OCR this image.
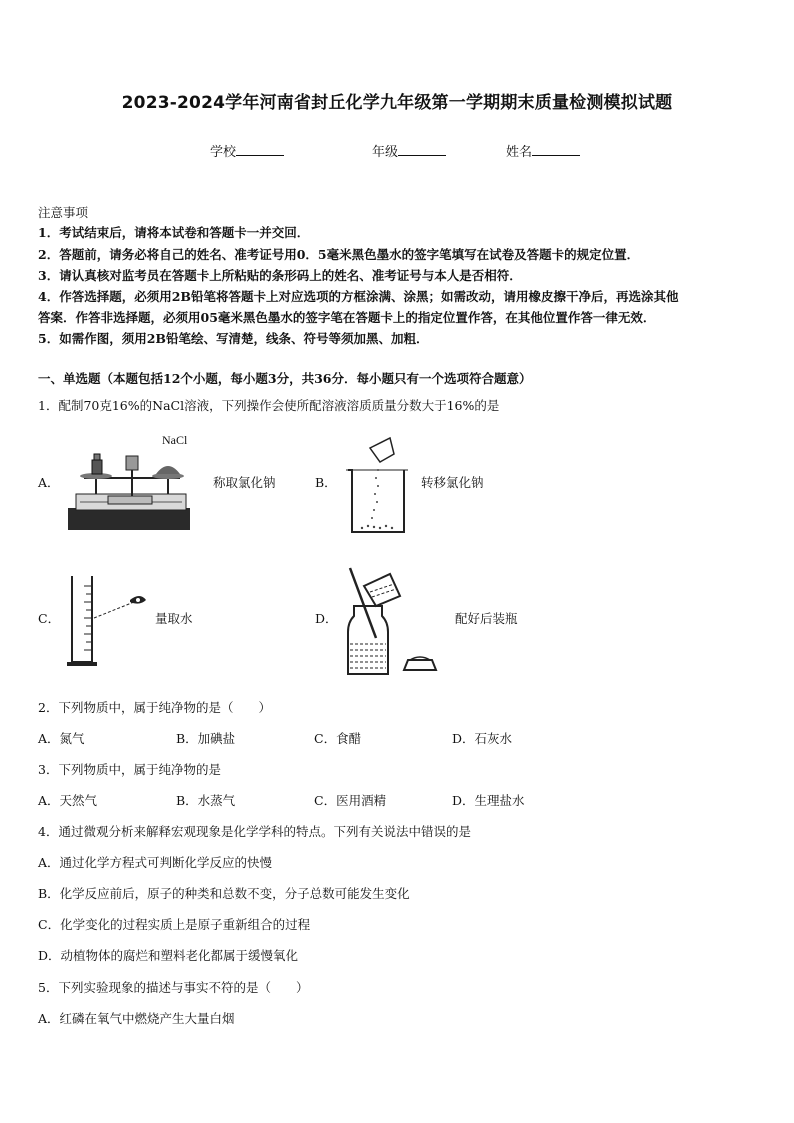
2023-2024学年河南省封丘化学九年级第一学期期末质量检测模拟试题
学校	年级	姓名
注意事项
1．考试结束后，请将本试卷和答题卡一并交回．
2．答题前，请务必将自己的姓名、准考证号用0．5毫米黑色墨水的签字笔填写在试卷及答题卡的规定位置．
3．请认真核对监考员在答题卡上所粘贴的条形码上的姓名、准考证号与本人是否相符．
4．作答选择题，必须用2B铅笔将答题卡上对应选项的方框涂满、涂黑；如需改动，请用橡皮擦干净后，再选涂其他
答案．作答非选择题，必须用05毫米黑色墨水的签字笔在答题卡上的指定位置作答，在其他位置作答一律无效．
5．如需作图，须用2B铅笔绘、写清楚，线条、符号等须加黑、加粗．
一、单选题（本题包括12个小题，每小题3分，共36分．每小题只有一个选项符合题意）
1．配制70克16%的NaCl溶液，下列操作会使所配溶液溶质质量分数大于16%的是
A．
NaCl
称取氯化钠	B．	转移氯化钠
C．	量取水	D．	配好后装瓶
2．下列物质中，属于纯净物的是（　　）
A．氮气	B．加碘盐	C．食醋	D．石灰水
3．下列物质中，属于纯净物的是
A．天然气	B．水蒸气	C．医用酒精	D．生理盐水
4．通过微观分析来解释宏观现象是化学学科的特点。下列有关说法中错误的是
A．通过化学方程式可判断化学反应的快慢
B．化学反应前后，原子的种类和总数不变，分子总数可能发生变化
C．化学变化的过程实质上是原子重新组合的过程
D．动植物体的腐烂和塑料老化都属于缓慢氧化
5．下列实验现象的描述与事实不符的是（　　）
A．红磷在氧气中燃烧产生大量白烟
